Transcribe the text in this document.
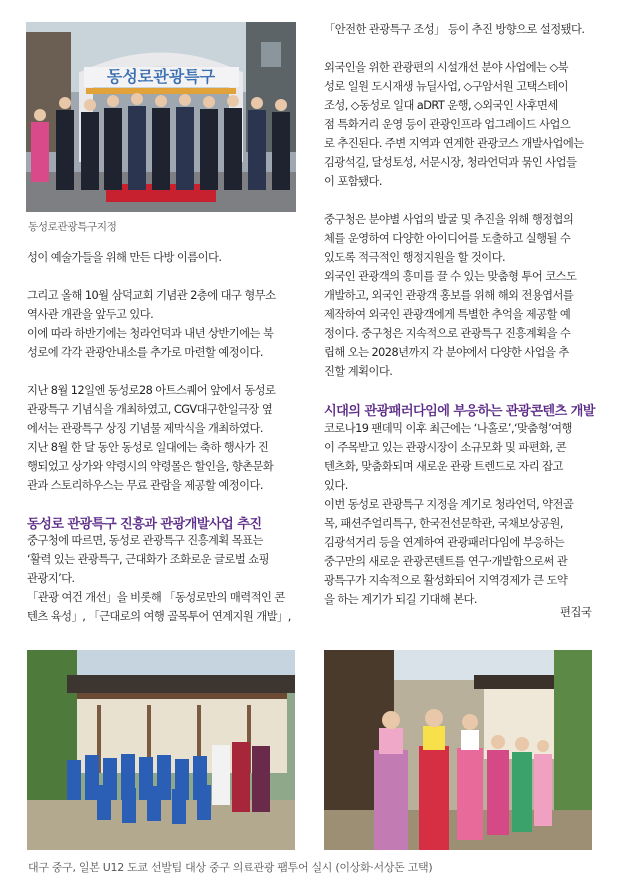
동성로관광특구
동성로관광특구지정

성이 예술가들을 위해 만든 다방 이름이다.

그리고 올해 10월 삼덕교회 기념관 2층에 대구 형무소

역사관 개관을 앞두고 있다.

이에 따라 하반기에는 청라언덕과 내년 상반기에는 북

성로에 각각 관광안내소를 추가로 마련할 예정이다.

지난 8월 12일엔 동성로28 아트스퀘어 앞에서 동성로

관광특구 기념식을 개최하였고, CGV대구한일극장 옆

에서는 관광특구 상징 기념물 제막식을 개최하였다.

지난 8월 한 달 동안 동성로 일대에는 축하 행사가 진

행되었고 상가와 약령시의 약령몰은 할인을, 향촌문화

관과 스토리하우스는 무료 관람을 제공할 예정이다.

동성로 관광특구 진흥과 관광개발사업 추진

중구청에 따르면, 동성로 관광특구 진흥계획 목표는

‘활력 있는 관광특구, 근대화가 조화로운 글로벌 쇼핑

관광지’다.

「관광 여건 개선」을 비롯해 「동성로만의 매력적인 콘

텐츠 육성」, 「근대로의 여행 골목투어 연계지원 개발」,

「안전한 관광특구 조성」 등이 추진 방향으로 설정됐다.

외국인을 위한 관광편의 시설개선 분야 사업에는 ◇북

성로 일원 도시재생 뉴딜사업, ◇구암서원 고택스테이

조성, ◇동성로 일대 aDRT 운행, ◇외국인 사후면세

점 특화거리 운영 등이 관광인프라 업그레이드 사업으

로 추진된다. 주변 지역과 연계한 관광코스 개발사업에는

김광석길, 달성토성, 서문시장, 청라언덕과 묶인 사업들

이 포함됐다.

중구청은 분야별 사업의 발굴 및 추진을 위해 행정협의

체를 운영하여 다양한 아이디어를 도출하고 실행될 수

있도록 적극적인 행정지원을 할 것이다.

외국인 관광객의 흥미를 끌 수 있는 맞춤형 투어 코스도

개발하고, 외국인 관광객 홍보를 위해 해외 전용엽서를

제작하여 외국인 관광객에게 특별한 추억을 제공할 예

정이다. 중구청은 지속적으로 관광특구 진흥계획을 수

립해 오는 2028년까지 각 분야에서 다양한 사업을 추

진할 계획이다.

시대의 관광패러다임에 부응하는 관광콘텐츠 개발

코로나19 팬데믹 이후 최근에는 ‘나홀로’,‘맞춤형’여행

이 주목받고 있는 관광시장이 소규모화 및 파편화, 콘

텐츠화, 맞춤화되며 새로운 관광 트렌드로 자리 잡고

있다.

이번 동성로 관광특구 지정을 계기로 청라언덕, 약전골

목, 패션주얼리특구, 한국전선문학관, 국채보상공원,

김광석거리 등을 연계하여 관광패러다임에 부응하는

중구만의 새로운 관광콘텐트를 연구·개발함으로써 관

광특구가 지속적으로 활성화되어 지역경제가 큰 도약

을 하는 계기가 되길 기대해 본다.

편집국
대구 중구, 일본 U12 도쿄 선발팀 대상 중구 의료관광 팸투어 실시 (이상화·서상돈 고택)
